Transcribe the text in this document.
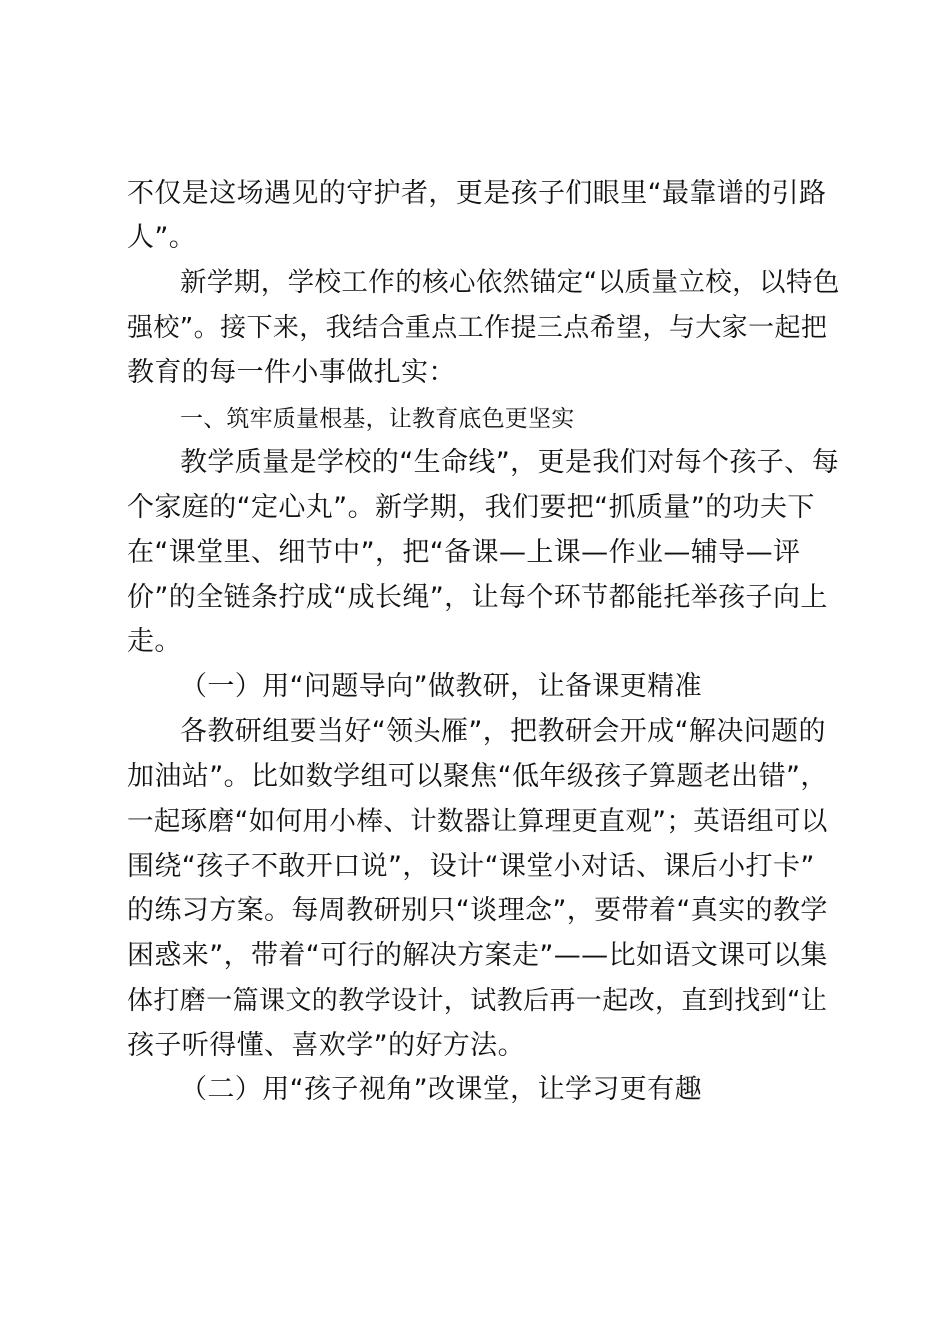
不仅是这场遇见的守护者，更是孩子们眼里“最靠谱的引路
人”。
新学期，学校工作的核心依然锚定“以质量立校，以特色
强校”。接下来，我结合重点工作提三点希望，与大家一起把
教育的每一件小事做扎实：
一、筑牢质量根基，让教育底色更坚实
教学质量是学校的“生命线”，更是我们对每个孩子、每
个家庭的“定心丸”。新学期，我们要把“抓质量”的功夫下
在“课堂里、细节中”，把“备课—上课—作业—辅导—评
价”的全链条拧成“成长绳”，让每个环节都能托举孩子向上
走。
（一）用“问题导向”做教研，让备课更精准
各教研组要当好“领头雁”，把教研会开成“解决问题的
加油站”。比如数学组可以聚焦“低年级孩子算题老出错”，
一起琢磨“如何用小棒、计数器让算理更直观”；英语组可以
围绕“孩子不敢开口说”，设计“课堂小对话、课后小打卡”
的练习方案。每周教研别只“谈理念”，要带着“真实的教学
困惑来”，带着“可行的解决方案走”——比如语文课可以集
体打磨一篇课文的教学设计，试教后再一起改，直到找到“让
孩子听得懂、喜欢学”的好方法。
（二）用“孩子视角”改课堂，让学习更有趣
